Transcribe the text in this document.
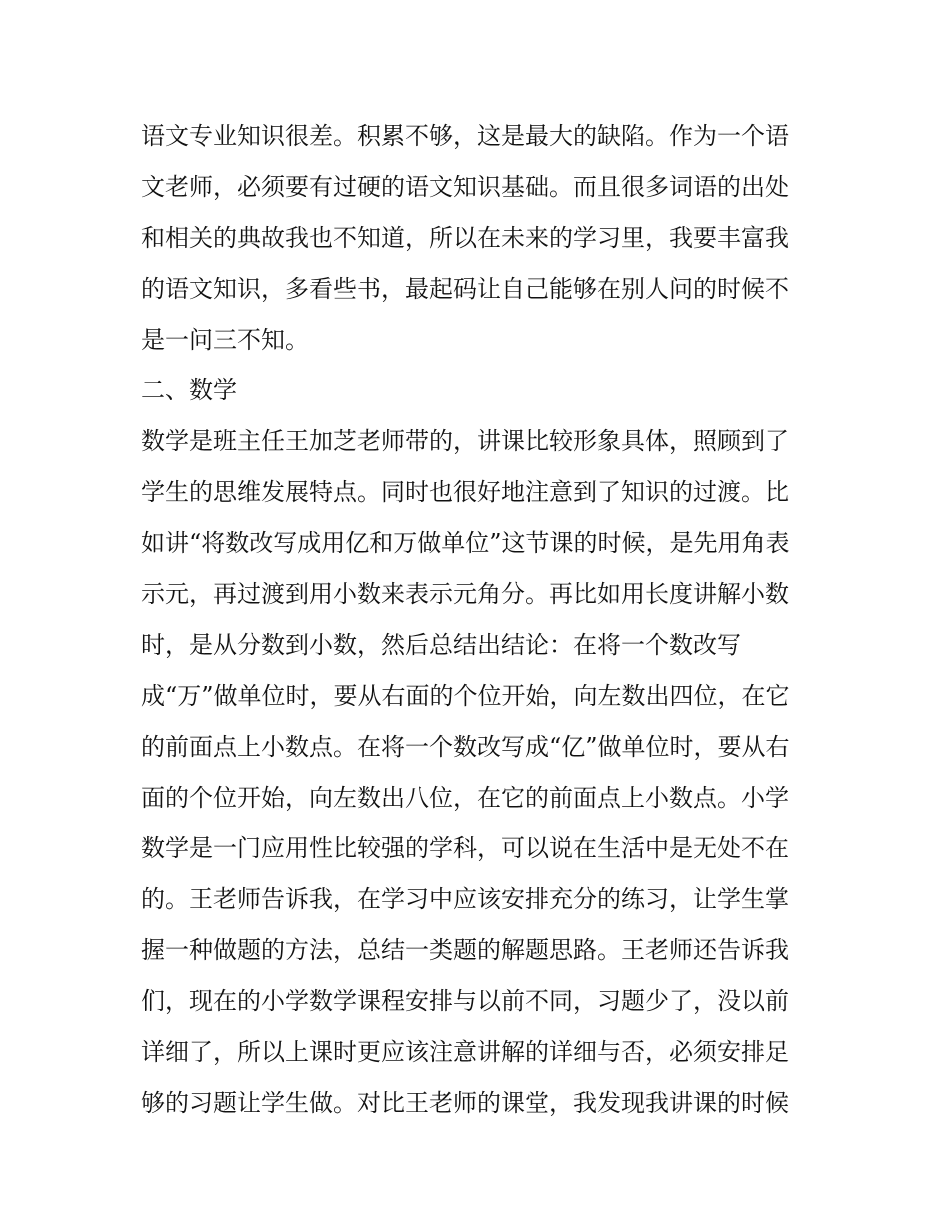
语文专业知识很差。积累不够，这是最大的缺陷。作为一个语
文老师，必须要有过硬的语文知识基础。而且很多词语的出处
和相关的典故我也不知道，所以在未来的学习里，我要丰富我
的语文知识，多看些书，最起码让自己能够在别人问的时候不
是一问三不知。
二、数学
数学是班主任王加芝老师带的，讲课比较形象具体，照顾到了
学生的思维发展特点。同时也很好地注意到了知识的过渡。比
如讲“将数改写成用亿和万做单位”这节课的时候，是先用角表
示元，再过渡到用小数来表示元角分。再比如用长度讲解小数
时，是从分数到小数，然后总结出结论：在将一个数改写
成“万”做单位时，要从右面的个位开始，向左数出四位，在它
的前面点上小数点。在将一个数改写成“亿”做单位时，要从右
面的个位开始，向左数出八位，在它的前面点上小数点。小学
数学是一门应用性比较强的学科，可以说在生活中是无处不在
的。王老师告诉我，在学习中应该安排充分的练习，让学生掌
握一种做题的方法，总结一类题的解题思路。王老师还告诉我
们，现在的小学数学课程安排与以前不同，习题少了，没以前
详细了，所以上课时更应该注意讲解的详细与否，必须安排足
够的习题让学生做。对比王老师的课堂，我发现我讲课的时候
